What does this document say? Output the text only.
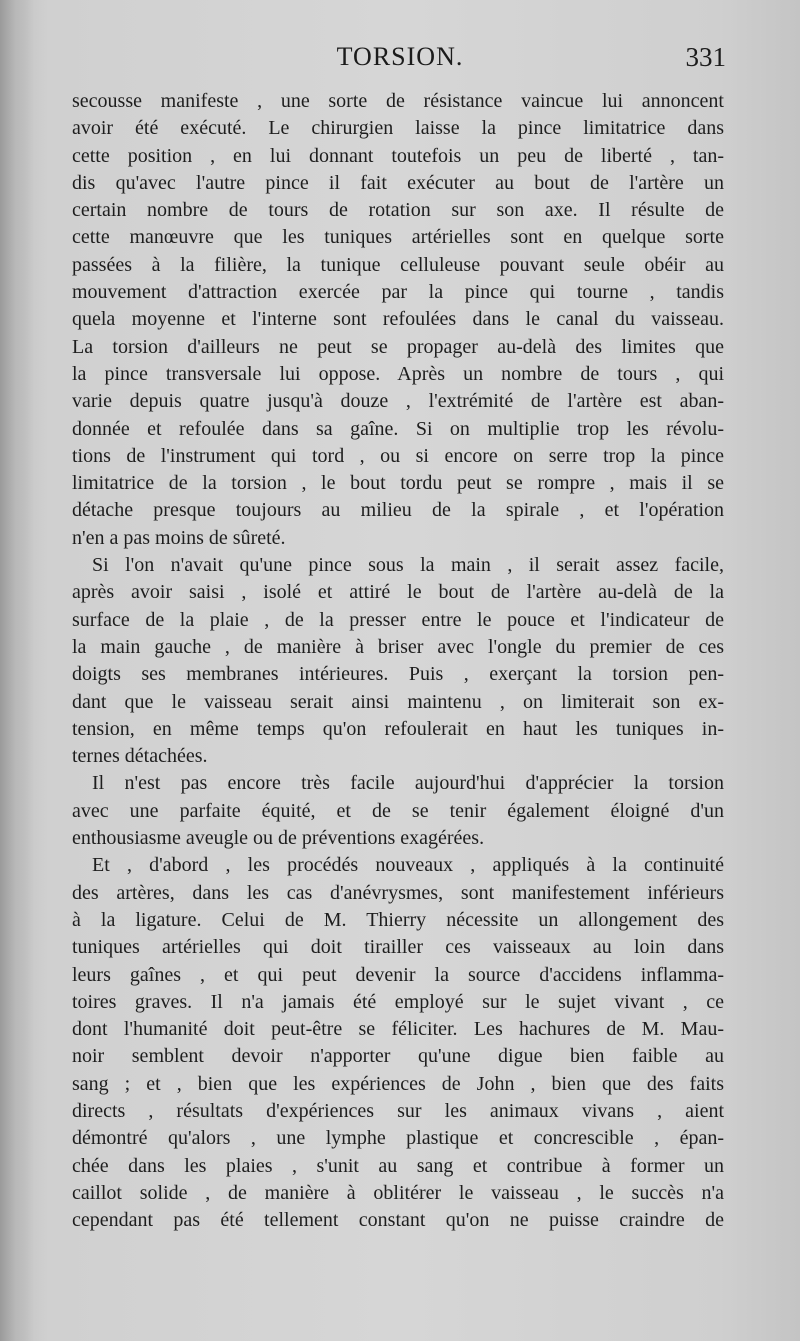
TORSION.	331
secousse manifeste , une sorte de résistance vaincue lui annoncent
avoir été exécuté. Le chirurgien laisse la pince limitatrice dans
cette position , en lui donnant toutefois un peu de liberté , tan-
dis qu'avec l'autre pince il fait exécuter au bout de l'artère un
certain nombre de tours de rotation sur son axe. Il résulte de
cette manœuvre que les tuniques artérielles sont en quelque sorte
passées à la filière, la tunique celluleuse pouvant seule obéir au
mouvement d'attraction exercée par la pince qui tourne , tandis
quela moyenne et l'interne sont refoulées dans le canal du vaisseau.
La torsion d'ailleurs ne peut se propager au-delà des limites que
la pince transversale lui oppose. Après un nombre de tours , qui
varie depuis quatre jusqu'à douze , l'extrémité de l'artère est aban-
donnée et refoulée dans sa gaîne. Si on multiplie trop les révolu-
tions de l'instrument qui tord , ou si encore on serre trop la pince
limitatrice de la torsion , le bout tordu peut se rompre , mais il se
détache presque toujours au milieu de la spirale , et l'opération
n'en a pas moins de sûreté.
Si l'on n'avait qu'une pince sous la main , il serait assez facile,
après avoir saisi , isolé et attiré le bout de l'artère au-delà de la
surface de la plaie , de la presser entre le pouce et l'indicateur de
la main gauche , de manière à briser avec l'ongle du premier de ces
doigts ses membranes intérieures. Puis , exerçant la torsion pen-
dant que le vaisseau serait ainsi maintenu , on limiterait son ex-
tension, en même temps qu'on refoulerait en haut les tuniques in-
ternes détachées.
Il n'est pas encore très facile aujourd'hui d'apprécier la torsion
avec une parfaite équité, et de se tenir également éloigné d'un
enthousiasme aveugle ou de préventions exagérées.
Et , d'abord , les procédés nouveaux , appliqués à la continuité
des artères, dans les cas d'anévrysmes, sont manifestement inférieurs
à la ligature. Celui de M. Thierry nécessite un allongement des
tuniques artérielles qui doit tirailler ces vaisseaux au loin dans
leurs gaînes , et qui peut devenir la source d'accidens inflamma-
toires graves. Il n'a jamais été employé sur le sujet vivant , ce
dont l'humanité doit peut-être se féliciter. Les hachures de M. Mau-
noir semblent devoir n'apporter qu'une digue bien faible au
sang ; et , bien que les expériences de John , bien que des faits
directs , résultats d'expériences sur les animaux vivans , aient
démontré qu'alors , une lymphe plastique et concrescible , épan-
chée dans les plaies , s'unit au sang et contribue à former un
caillot solide , de manière à oblitérer le vaisseau , le succès n'a
cependant pas été tellement constant qu'on ne puisse craindre de
